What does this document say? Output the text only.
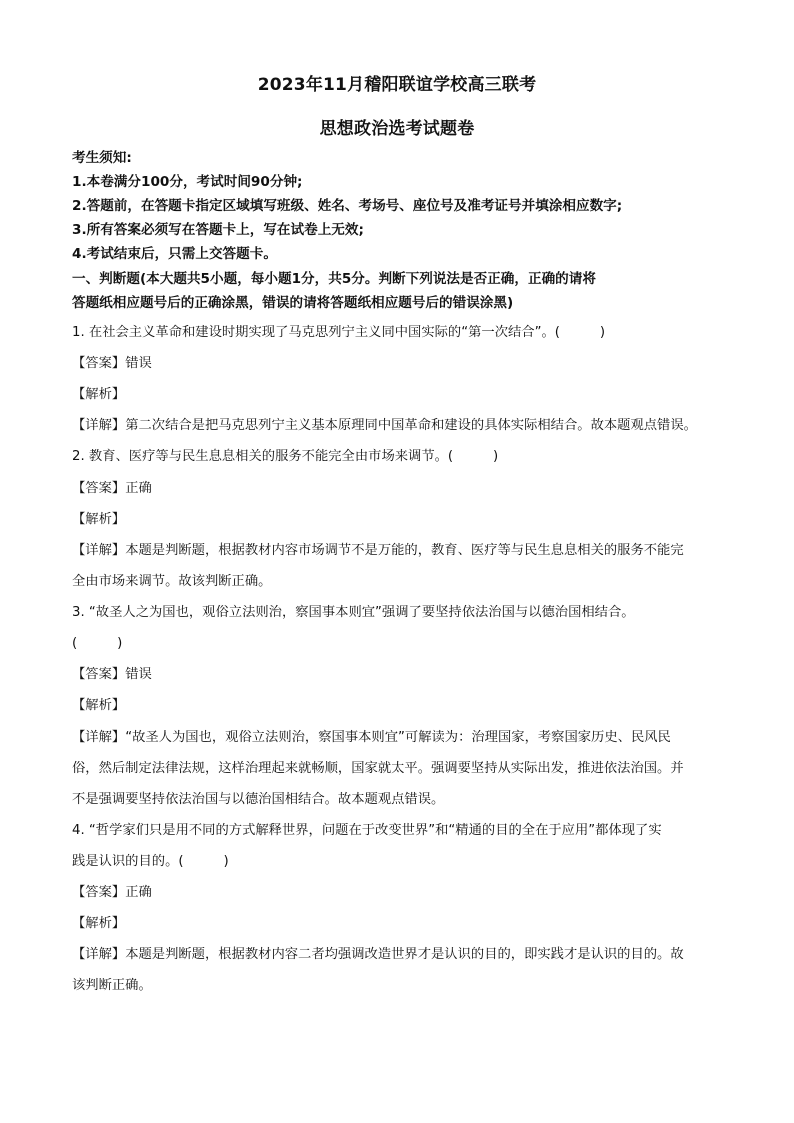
2023年11月稽阳联谊学校高三联考
思想政治选考试题卷
考生须知:
1.本卷满分100分，考试时间90分钟;
2.答题前，在答题卡指定区域填写班级、姓名、考场号、座位号及准考证号并填涂相应数字;
3.所有答案必须写在答题卡上，写在试卷上无效;
4.考试结束后，只需上交答题卡。
一、判断题(本大题共5小题，每小题1分，共5分。判断下列说法是否正确，正确的请将
答题纸相应题号后的正确涂黑，错误的请将答题纸相应题号后的错误涂黑)
1. 在社会主义革命和建设时期实现了马克思列宁主义同中国实际的“第一次结合”。(　　　)
【答案】错误
【解析】
【详解】第二次结合是把马克思列宁主义基本原理同中国革命和建设的具体实际相结合。故本题观点错误。
2. 教育、医疗等与民生息息相关的服务不能完全由市场来调节。(　　　)
【答案】正确
【解析】
【详解】本题是判断题，根据教材内容市场调节不是万能的，教育、医疗等与民生息息相关的服务不能完
全由市场来调节。故该判断正确。
3. “故圣人之为国也，观俗立法则治，察国事本则宜”强调了要坚持依法治国与以德治国相结合。
(　　　)
【答案】错误
【解析】
【详解】“故圣人为国也，观俗立法则治，察国事本则宜”可解读为：治理国家，考察国家历史、民风民
俗，然后制定法律法规，这样治理起来就畅顺，国家就太平。强调要坚持从实际出发，推进依法治国。并
不是强调要坚持依法治国与以德治国相结合。故本题观点错误。
4. “哲学家们只是用不同的方式解释世界，问题在于改变世界”和“精通的目的全在于应用”都体现了实
践是认识的目的。(　　　)
【答案】正确
【解析】
【详解】本题是判断题，根据教材内容二者均强调改造世界才是认识的目的，即实践才是认识的目的。故
该判断正确。
